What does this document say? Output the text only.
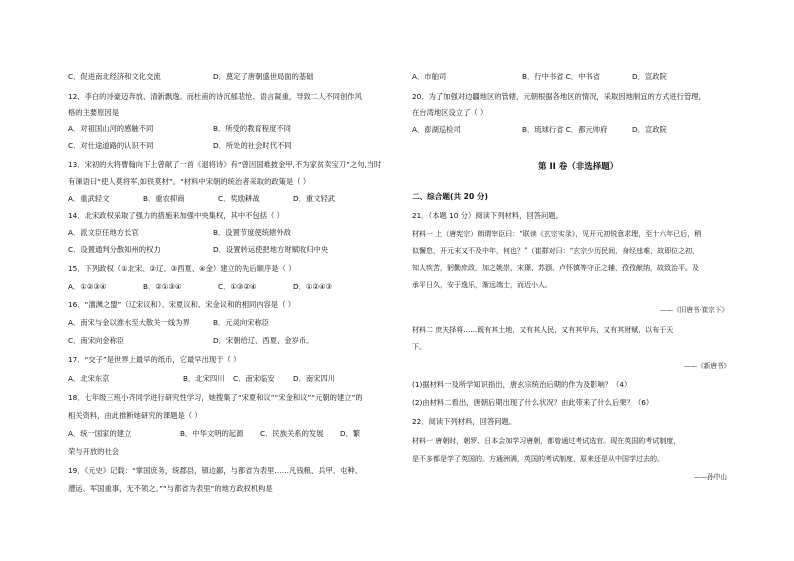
C．促进南北经济和文化交流	D．奠定了唐朝盛世局面的基础
12．李白的诗豪迈奔放、清新飘逸。而杜甫的诗沉郁悲怆、语言凝重，导致二人不同创作风
格的主要原因是
A．对祖国山河的感触不同	B．所受的教育程度不同
C．对仕途道路的认识不同	D．所处的社会时代不同
13．宋初的大将曹翰向下上曾献了一首《退将诗》有“曾因国难披金甲,不为家贫卖宝刀”之句,当时
有谏语曰“使人莫将军,如铁莫材”。“材料中宋朝的统治者采取的政策是（ ）
A．重武轻文	B．重农抑商	C．奖励耕战	D．重文轻武
14．北宋政权采取了强力的措施来加强中央集权，其中不包括（ ）
A．派文臣任地方长官	B．设置节度使统辖外敌
C．设置通判分散知州的权力	D．设置转运使把地方财赋收归中央
15．下列政权（①北宋、②辽、③西夏、④金）建立的先后顺序是（ ）
A．①②③④	B．②①③④	C．①③②④	D．①②④③
16．“澶渊之盟”（辽宋议和）、宋夏议和、宋金议和的相同内容是（ ）
A．南宋与金以淮水至大散关一线为界	B．元灵向宋称臣
C．南宋向金称臣	D．宋朝给辽、西夏、金岁币。
17．“交子”是世界上最早的纸币，它最早出现于（ ）
A．北宋东京	B．北宋四川 C．南宋临安	D．南宋四川
18．七年级三班小齐同学进行研究性学习，她搜集了“宋夏和议”“宋金和议”“元朝的建立”的
相关资料，由此推断她研究的课题是（ ）
A．统一国家的建立	B．中华文明的起源 C．民族关系的发展 D．繁
荣与开放的社会
19．《元史》记载：“掌国庶务，统郡县，镇边鄙，与都省为表里……凡钱粮、兵甲、屯种、
漕运、军国重事，无不领之。”“与都省为表里”的地方政权机构是
A．市舶司	B．行中书省 C．中书省	D．宣政院
20．为了加强对边疆地区的管辖，元朝根据各地区的情况，采取因地制宜的方式进行管理，
在台湾地区设立了（ ）
A．澎湖巡检司	B．琉球行省 C．都元帅府	D．宣政院
二、综合题(共 20 分)
21．（本题 10 分）阅读下列材料，回答问题。
材料一 上（唐宪宗）朗谓宰臣曰：“联读《玄宗实录》，见开元初锐意求理，至十六年已后，稍
似懈怠，开元末又不及中年，何也？”（崔群对曰：“玄宗少历民间，身经迍难，故即位之初，
知人疾苦，躬勤庶政，加之姚崇、宋璟、苏颋、卢怀慎等守正之辅，孜孜献纳，故致治平。及
承平日久，安于逸乐，渐远端士，而近小人。
——《旧唐书·崔宗下》
材料二 庶夫择将……既有其土地，又有其人民，又有其甲兵，又有其财赋，以布于天
下。
——《新唐书》
(1)据材料一及所学知识指出，唐玄宗统治后期的作为及影响？（4）
(2)由材料二看出，唐朝后期出现了什么状况？由此带来了什么后果？（6）
22．阅读下列材料，回答问题。
材料一 唐朝时，朝罗、日本会加学习唐朝，都曾通过考试选官。现在英国的考试制度，
是不多都是学了英国的。方通洲满，英国的考试制度，原来还是从中国学过去的。
——孙中山
第 II 卷（非选择题）
